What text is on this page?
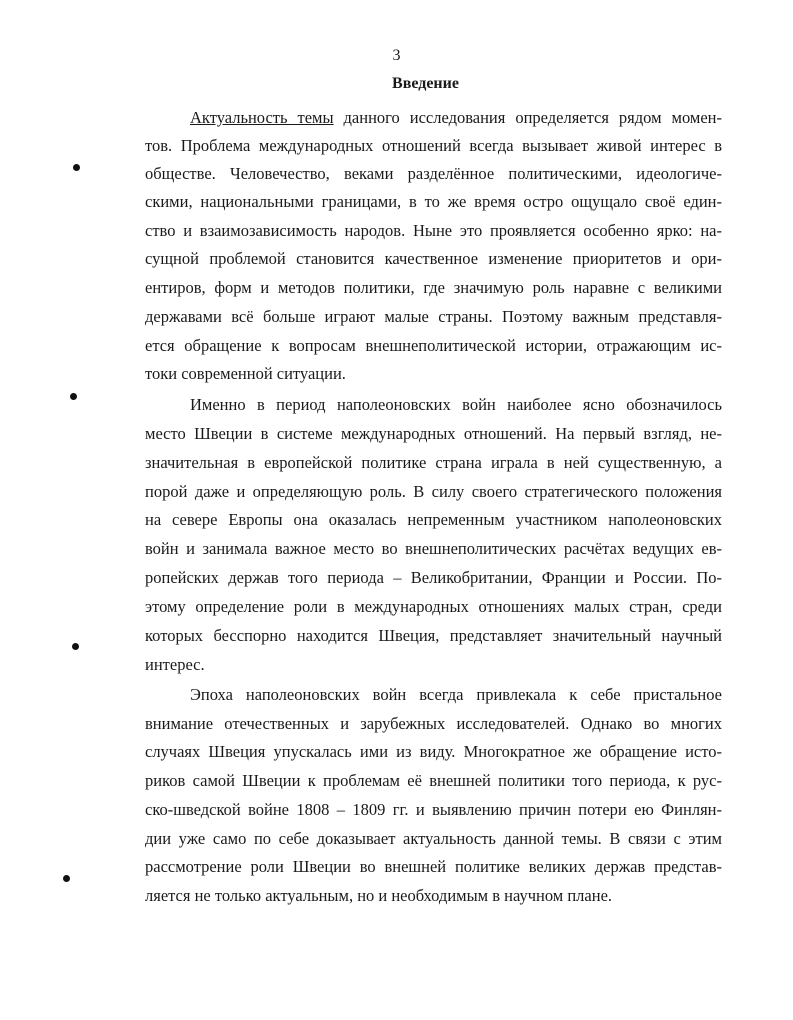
3
Введение
Актуальность темы данного исследования определяется рядом момен-
тов. Проблема международных отношений всегда вызывает живой интерес в
обществе. Человечество, веками разделённое политическими, идеологиче-
скими, национальными границами, в то же время остро ощущало своё един-
ство и взаимозависимость народов. Ныне это проявляется особенно ярко: на-
сущной проблемой становится качественное изменение приоритетов и ори-
ентиров, форм и методов политики, где значимую роль наравне с великими
державами всё больше играют малые страны. Поэтому важным представля-
ется обращение к вопросам внешнеполитической истории, отражающим ис-
токи современной ситуации.
Именно в период наполеоновских войн наиболее ясно обозначилось
место Швеции в системе международных отношений. На первый взгляд, не-
значительная в европейской политике страна играла в ней существенную, а
порой даже и определяющую роль. В силу своего стратегического положения
на севере Европы она оказалась непременным участником наполеоновских
войн и занимала важное место во внешнеполитических расчётах ведущих ев-
ропейских держав того периода – Великобритании, Франции и России. По-
этому определение роли в международных отношениях малых стран, среди
которых бесспорно находится Швеция, представляет значительный научный
интерес.
Эпоха наполеоновских войн всегда привлекала к себе пристальное
внимание отечественных и зарубежных исследователей. Однако во многих
случаях Швеция упускалась ими из виду. Многократное же обращение исто-
риков самой Швеции к проблемам её внешней политики того периода, к рус-
ско-шведской войне 1808 – 1809 гг. и выявлению причин потери ею Финлян-
дии уже само по себе доказывает актуальность данной темы. В связи с этим
рассмотрение роли Швеции во внешней политике великих держав представ-
ляется не только актуальным, но и необходимым в научном плане.
